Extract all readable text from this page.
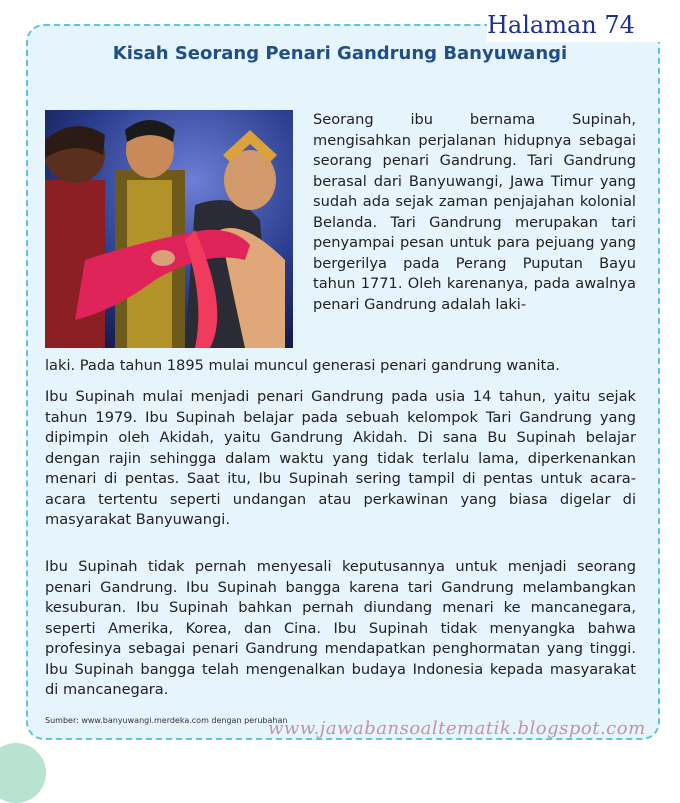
Halaman 74
Kisah Seorang Penari Gandrung Banyuwangi
Seorang ibu bernama Supinah, mengisahkan perjalanan hidupnya sebagai seorang penari Gandrung. Tari Gandrung berasal dari Banyuwangi, Jawa Timur yang sudah ada sejak zaman penjajahan kolonial Belanda. Tari Gandrung merupakan tari penyampai pesan untuk para pejuang yang bergerilya pada Perang Puputan Bayu tahun 1771. Oleh karenanya, pada awalnya penari Gandrung adalah laki-
laki. Pada tahun 1895 mulai muncul generasi penari gandrung wanita.
Ibu Supinah mulai menjadi penari Gandrung pada usia 14 tahun, yaitu sejak tahun 1979. Ibu Supinah belajar pada sebuah kelompok Tari Gandrung yang dipimpin oleh Akidah, yaitu Gandrung Akidah. Di sana Bu Supinah belajar dengan rajin sehingga dalam waktu yang tidak terlalu lama, diperkenankan menari di pentas. Saat itu, Ibu Supinah sering tampil di pentas untuk acara-acara tertentu seperti undangan atau perkawinan yang biasa digelar di masyarakat Banyuwangi.
Ibu Supinah tidak pernah menyesali keputusannya untuk menjadi seorang penari Gandrung. Ibu Supinah bangga karena tari Gandrung melambangkan kesuburan. Ibu Supinah bahkan pernah diundang menari ke mancanegara, seperti Amerika, Korea, dan Cina. Ibu Supinah tidak menyangka bahwa profesinya sebagai penari Gandrung mendapatkan penghormatan yang tinggi. Ibu Supinah bangga telah mengenalkan budaya Indonesia kepada masyarakat di mancanegara.
Sumber: www.banyuwangi.merdeka.com dengan perubahan
www.jawabansoaltematik.blogspot.com
